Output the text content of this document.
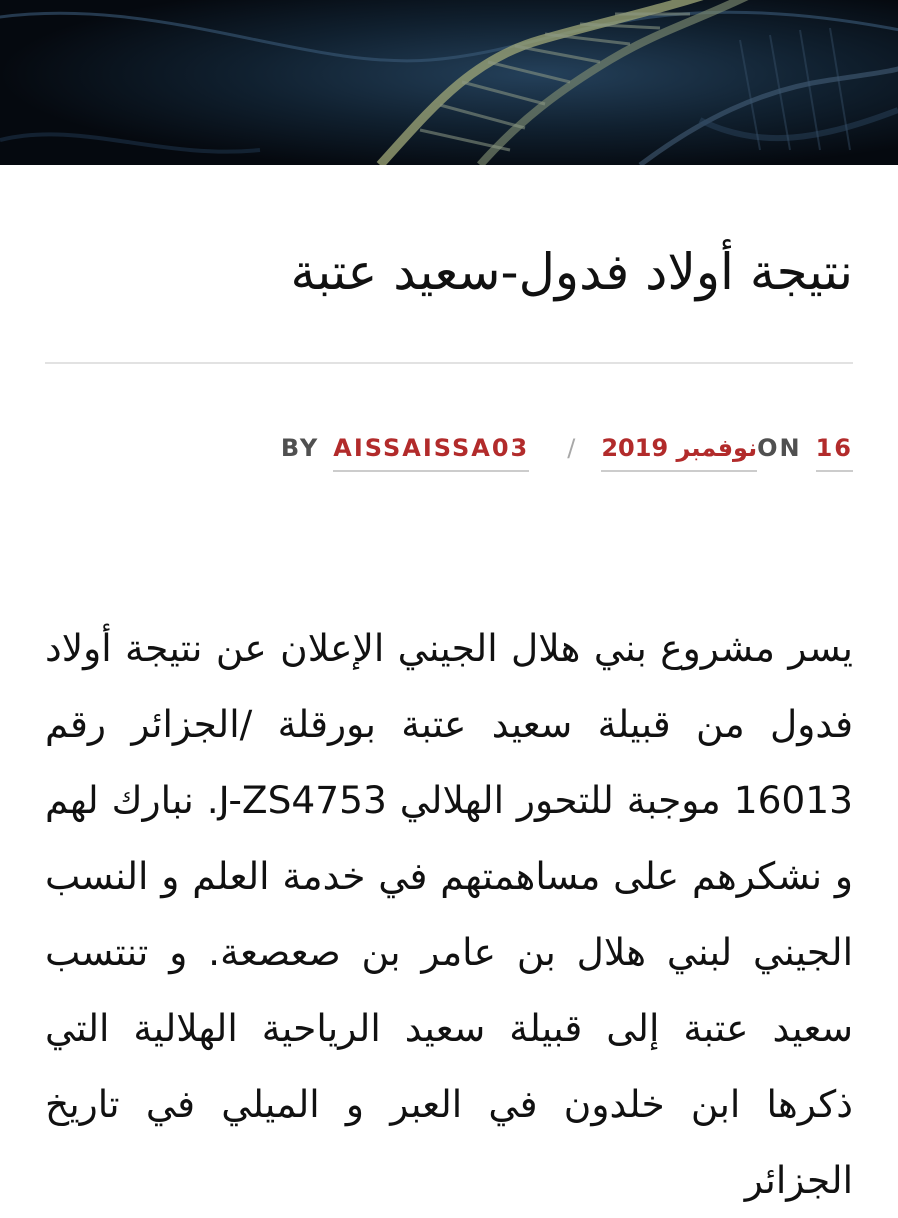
نتيجة أولاد فدول-سعيد عتبة
BY AISSAISSA03 / نوفمبر 2019 ON 16

يسر مشروع بني هلال الجيني الإعلان عن نتيجة أولاد فدول من قبيلة سعيد عتبة بورقلة /الجزائر رقم 16013 موجبة للتحور الهلالي J-ZS4753. نبارك لهم و نشكرهم على مساهمتهم في خدمة العلم و النسب الجيني لبني هلال بن عامر بن صعصعة. و تنتسب سعيد عتبة إلى قبيلة سعيد الرياحية الهلالية التي ذكرها ابن خلدون في العبر و الميلي في تاريخ الجزائر
